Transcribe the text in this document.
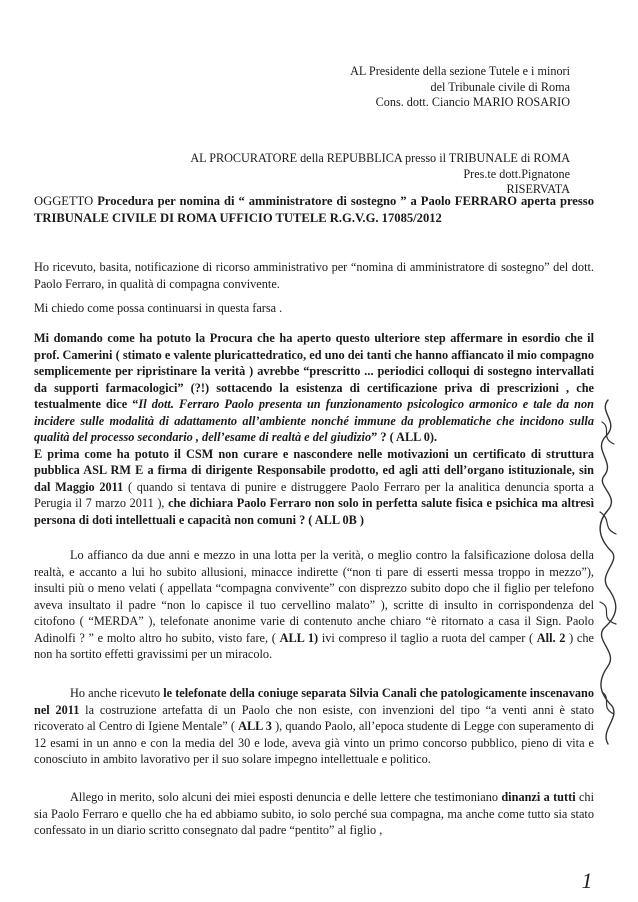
AL Presidente della sezione Tutele e i minori
del Tribunale civile di Roma
Cons. dott. Ciancio MARIO ROSARIO
AL PROCURATORE della REPUBBLICA presso il TRIBUNALE di ROMA
Pres.te dott.Pignatone
RISERVATA
OGGETTO Procedura per nomina di “ amministratore di sostegno ” a Paolo FERRARO aperta presso TRIBUNALE CIVILE DI ROMA UFFICIO TUTELE R.G.V.G. 17085/2012
Ho ricevuto, basita, notificazione di ricorso amministrativo per “nomina di amministratore di sostegno” del dott. Paolo Ferraro, in qualità di compagna convivente.
Mi chiedo come possa continuarsi in questa farsa .
Mi domando come ha potuto la Procura che ha aperto questo ulteriore step affermare in esordio che il prof. Camerini ( stimato e valente pluricattedratico, ed uno dei tanti che hanno affiancato il mio compagno semplicemente per ripristinare la verità ) avrebbe “prescritto ... periodici colloqui di sostegno intervallati da supporti farmacologici” (?!) sottacendo la esistenza di certificazione priva di prescrizioni , che testualmente dice “Il dott. Ferraro Paolo presenta un funzionamento psicologico armonico e tale da non incidere sulle modalità di adattamento all’ambiente nonché immune da problematiche che incidono sulla qualità del processo secondario , dell’esame di realtà e del giudizio” ? ( ALL 0).
E prima come ha potuto il CSM non curare e nascondere nelle motivazioni un certificato di struttura pubblica ASL RM E a firma di dirigente Responsabile prodotto, ed agli atti dell’organo istituzionale, sin dal Maggio 2011 ( quando si tentava di punire e distruggere Paolo Ferraro per la analitica denuncia sporta a Perugia il 7 marzo 2011 ), che dichiara Paolo Ferraro non solo in perfetta salute fisica e psichica ma altresì persona di doti intellettuali e capacità non comuni ? ( ALL 0B )
Lo affianco da due anni e mezzo in una lotta per la verità, o meglio contro la falsificazione dolosa della realtà, e accanto a lui ho subito allusioni, minacce indirette (“non ti pare di esserti messa troppo in mezzo”), insulti più o meno velati ( appellata “compagna convivente” con disprezzo subito dopo che il figlio per telefono aveva insultato il padre “non lo capisce il tuo cervellino malato” ), scritte di insulto in corrispondenza del citofono ( “MERDA” ), telefonate anonime varie di contenuto anche chiaro “è ritornato a casa il Sign. Paolo Adinolfi ? ” e molto altro ho subito, visto fare, ( ALL 1) ivi compreso il taglio a ruota del camper ( All. 2 ) che non ha sortito effetti gravissimi per un miracolo.
Ho anche ricevuto le telefonate della coniuge separata Silvia Canali che patologicamente inscenavano nel 2011 la costruzione artefatta di un Paolo che non esiste, con invenzioni del tipo “a venti anni è stato ricoverato al Centro di Igiene Mentale” ( ALL 3 ), quando Paolo, all’epoca studente di Legge con superamento di 12 esami in un anno e con la media del 30 e lode, aveva già vinto un primo concorso pubblico, pieno di vita e conosciuto in ambito lavorativo per il suo solare impegno intellettuale e politico.
Allego in merito, solo alcuni dei miei esposti denuncia e delle lettere che testimoniano dinanzi a tutti chi sia Paolo Ferraro e quello che ha ed abbiamo subito, io solo perché sua compagna, ma anche come tutto sia stato confessato in un diario scritto consegnato dal padre “pentito” al figlio ,
1
